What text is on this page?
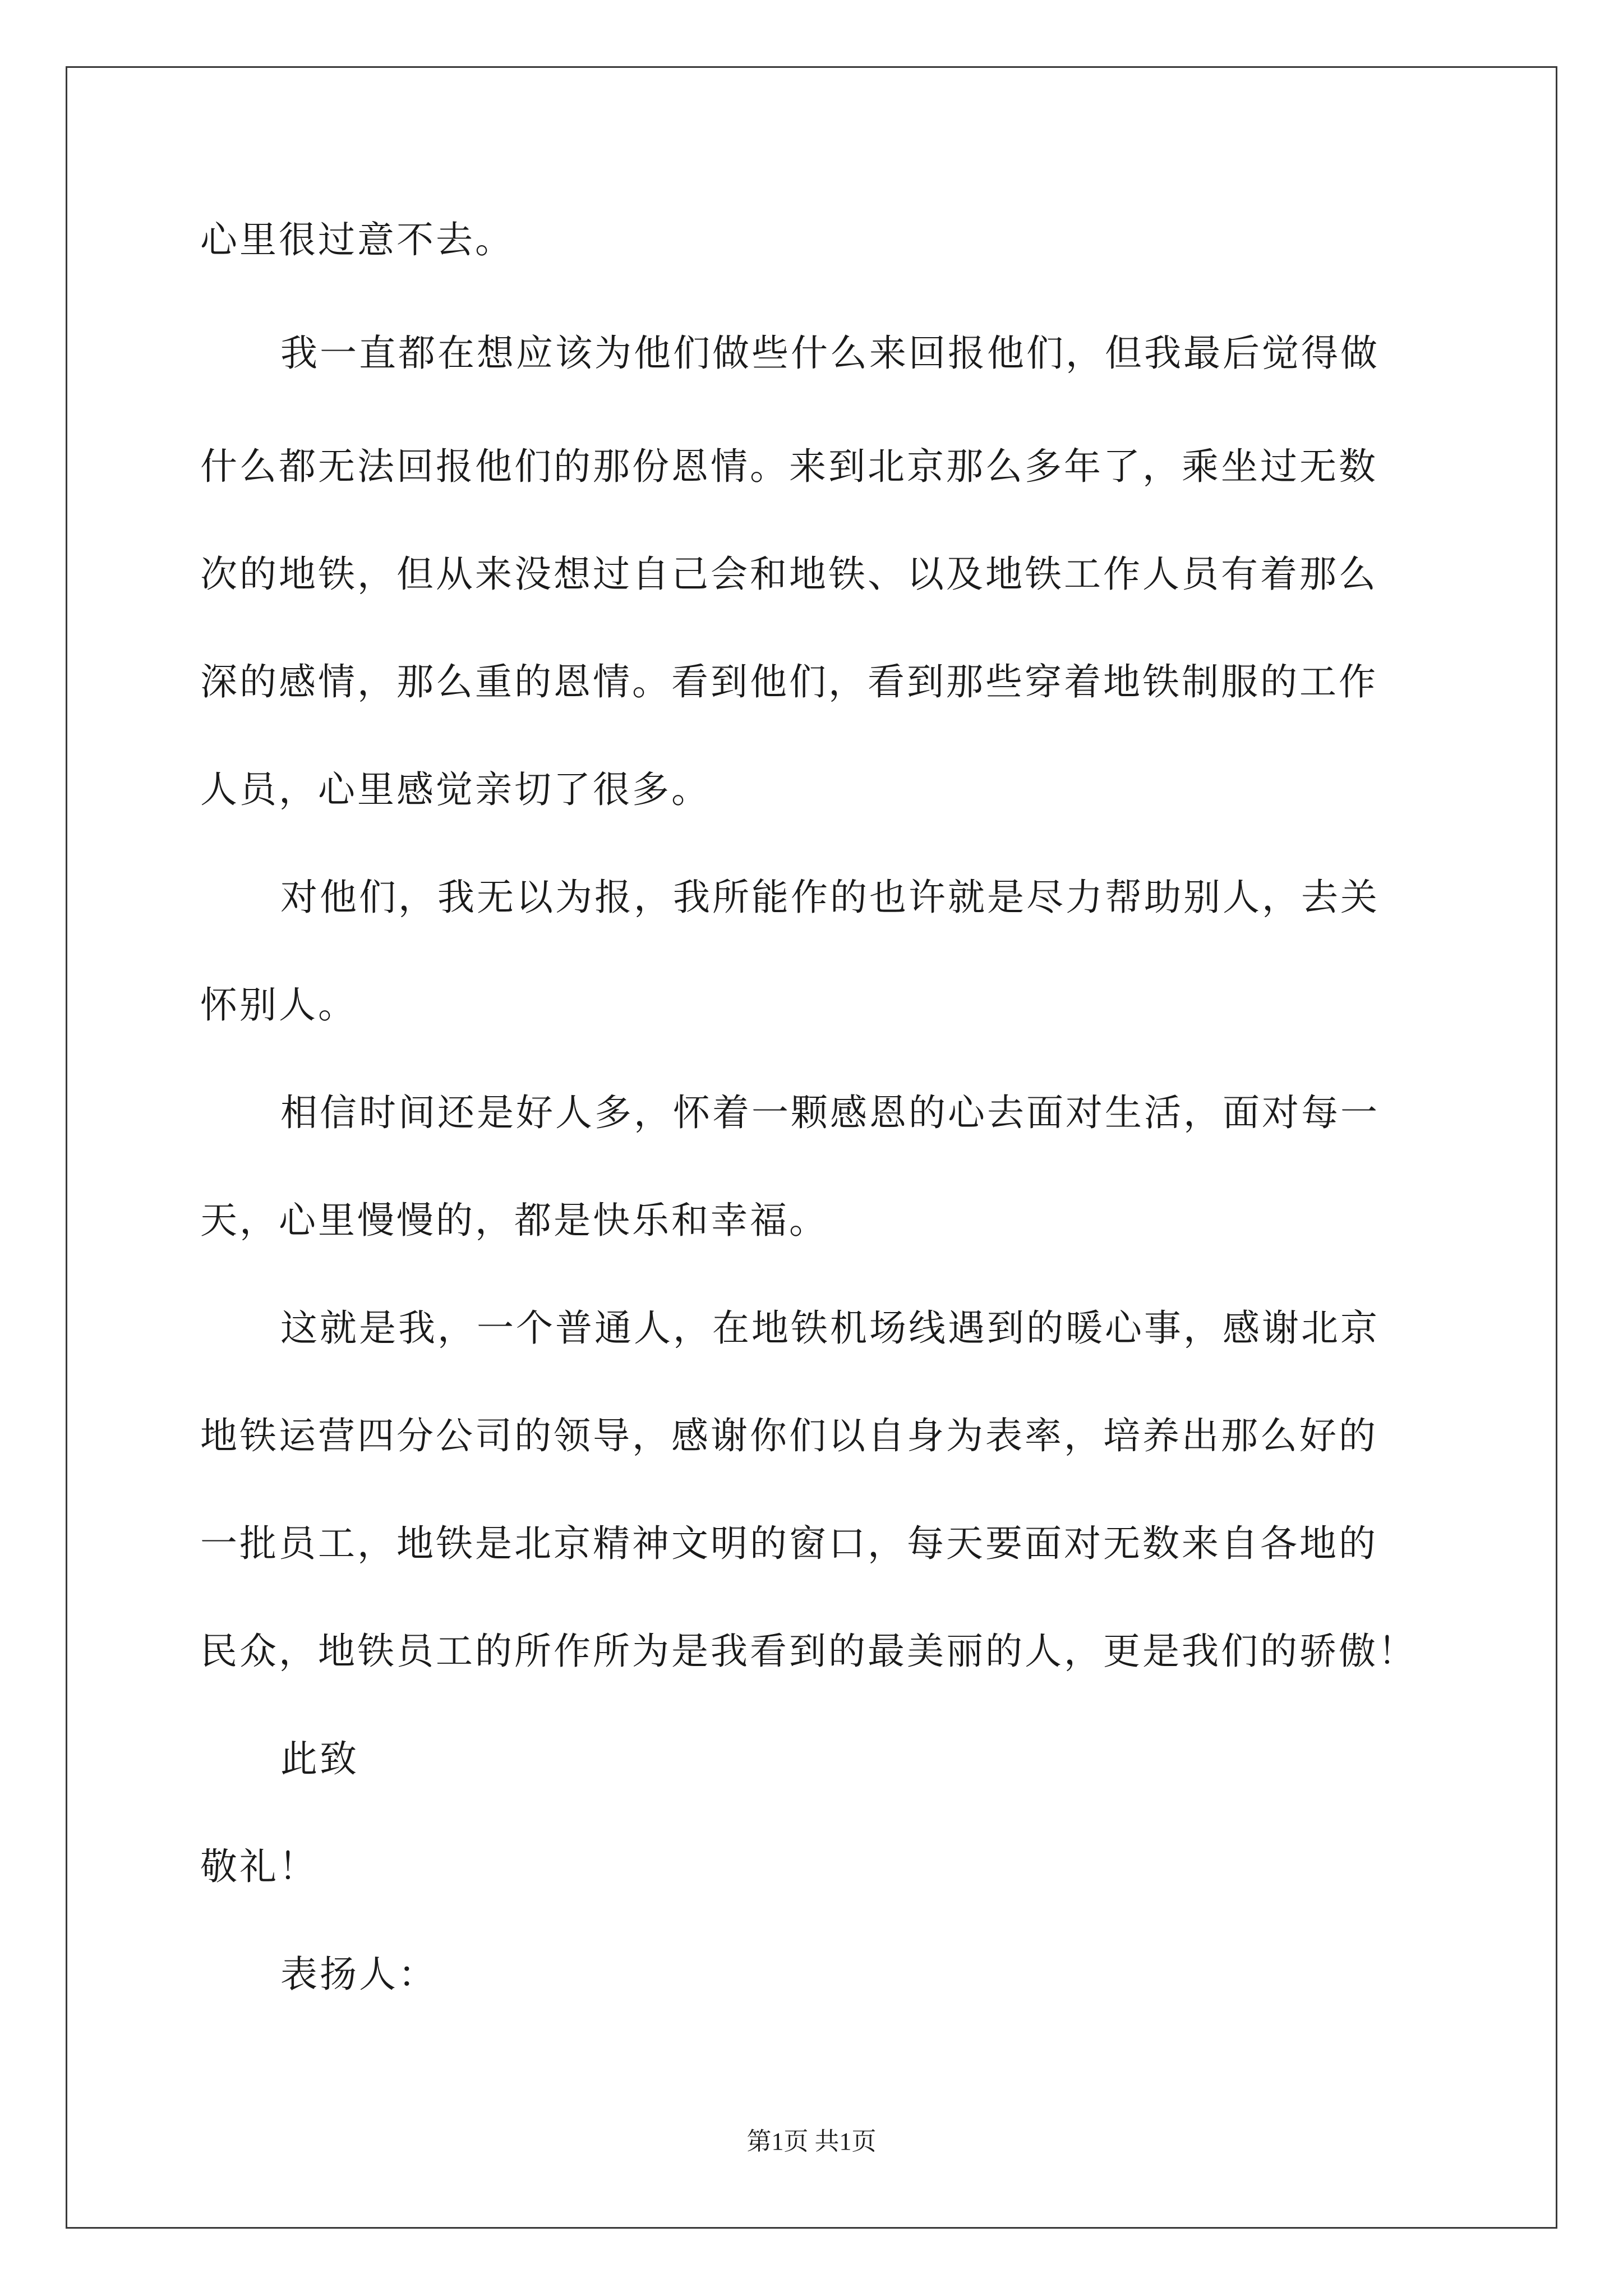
心里很过意不去。

我一直都在想应该为他们做些什么来回报他们，但我最后觉得做

什么都无法回报他们的那份恩情。来到北京那么多年了，乘坐过无数

次的地铁，但从来没想过自己会和地铁、以及地铁工作人员有着那么

深的感情，那么重的恩情。看到他们，看到那些穿着地铁制服的工作

人员，心里感觉亲切了很多。

对他们，我无以为报，我所能作的也许就是尽力帮助别人，去关

怀别人。

相信时间还是好人多，怀着一颗感恩的心去面对生活，面对每一

天，心里慢慢的，都是快乐和幸福。

这就是我，一个普通人，在地铁机场线遇到的暖心事，感谢北京

地铁运营四分公司的领导，感谢你们以自身为表率，培养出那么好的

一批员工，地铁是北京精神文明的窗口，每天要面对无数来自各地的

民众，地铁员工的所作所为是我看到的最美丽的人，更是我们的骄傲！

此致

敬礼！

表扬人：

第1页 共1页
